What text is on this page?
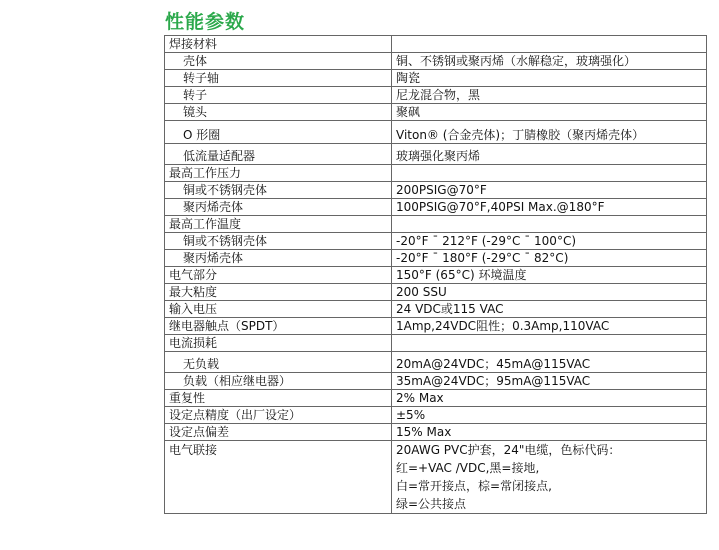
性能参数
焊接材料	
壳体	铜、不锈钢或聚丙烯（水解稳定，玻璃强化）
转子轴	陶瓷
转子	尼龙混合物，黑
镜头	聚砜
O 形圈	Viton® (合金壳体)；丁腈橡胶（聚丙烯壳体）
低流量适配器	玻璃强化聚丙烯
最高工作压力	
铜或不锈钢壳体	200PSIG@70°F
聚丙烯壳体	100PSIG@70°F,40PSI Max.@180°F
最高工作温度	
铜或不锈钢壳体	-20°F ¯ 212°F (-29°C ¯ 100°C)
聚丙烯壳体	-20°F ¯ 180°F (-29°C ¯ 82°C)
电气部分	150°F (65°C) 环境温度
最大粘度	200 SSU
输入电压	24 VDC或115 VAC
继电器触点（SPDT）	1Amp,24VDC阻性；0.3Amp,110VAC
电流损耗	
无负载	20mA@24VDC；45mA@115VAC
负载（相应继电器）	35mA@24VDC；95mA@115VAC
重复性	2% Max
设定点精度（出厂设定）	±5%
设定点偏差	15% Max
电气联接	20AWG PVC护套，24"电缆，色标代码：
红=+VAC /VDC,黑=接地,
白=常开接点，棕=常闭接点,
绿=公共接点
